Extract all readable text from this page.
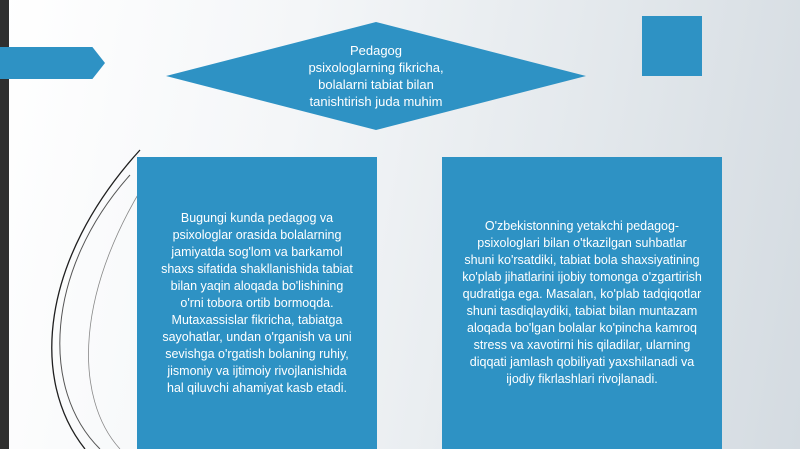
Pedagog psixologlarning fikricha, bolalarni tabiat bilan tanishtirish juda muhim
Bugungi kunda pedagog va psixologlar orasida bolalarning jamiyatda sog'lom va barkamol shaxs sifatida shakllanishida tabiat bilan yaqin aloqada bo'lishining o'rni tobora ortib bormoqda. Mutaxassislar fikricha, tabiatga sayohatlar, undan o'rganish va uni sevishga o'rgatish bolaning ruhiy, jismoniy va ijtimoiy rivojlanishida hal qiluvchi ahamiyat kasb etadi.
O'zbekistonning yetakchi pedagog-psixologlari bilan o'tkazilgan suhbatlar shuni ko'rsatdiki, tabiat bola shaxsiyatining ko'plab jihatlarini ijobiy tomonga o'zgartirish qudratiga ega. Masalan, ko'plab tadqiqotlar shuni tasdiqlaydiki, tabiat bilan muntazam aloqada bo'lgan bolalar ko'pincha kamroq stress va xavotirni his qiladilar, ularning diqqati jamlash qobiliyati yaxshilanadi va ijodiy fikrlashlari rivojlanadi.
